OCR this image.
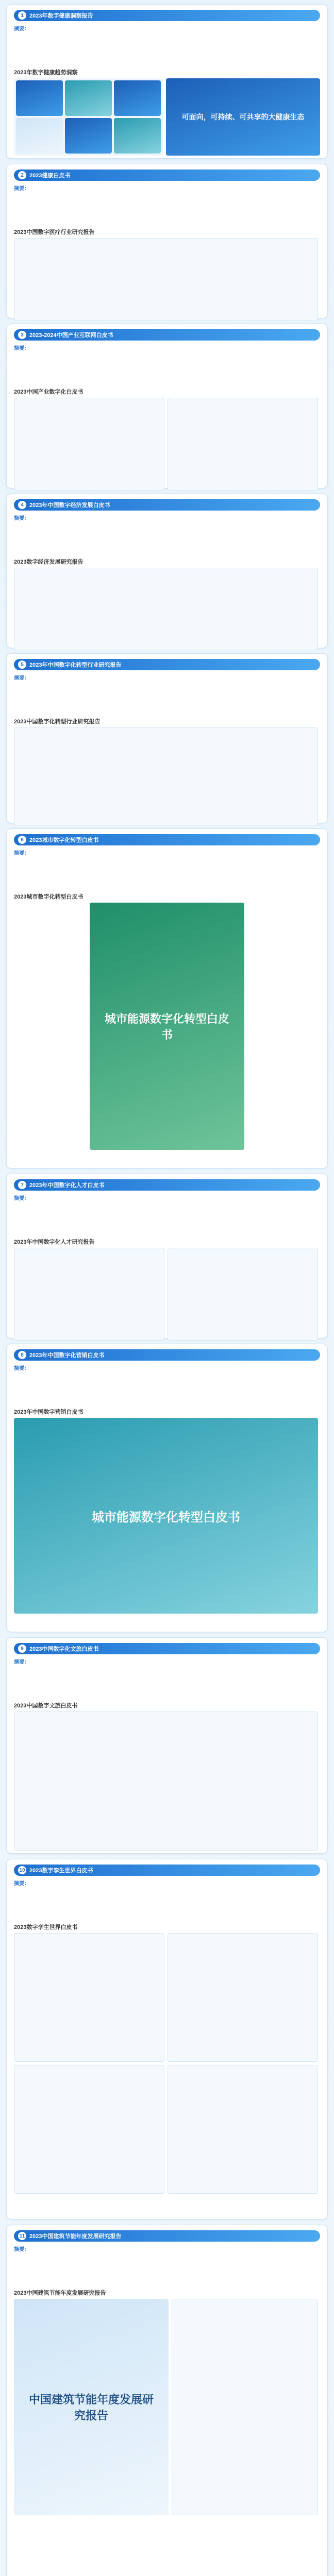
1	2023年数字健康洞察报告
摘要：
2023年数字健康趋势洞察
可面向，可持续、可共享的大健康生态
2	2023健康白皮书
摘要：
2023中国数字医疗行业研究报告
3	2023-2024中国产业互联网白皮书
摘要：
2023中国产业数字化白皮书
4	2023年中国数字经济发展白皮书
摘要：
2023数字经济发展研究报告
5	2023年中国数字化转型行业研究报告
摘要：
2023中国数字化转型行业研究报告
6	2023城市数字化转型白皮书
摘要：
2023城市数字化转型白皮书
城市能源数字化转型白皮书
7	2023年中国数字化人才白皮书
摘要：
2023年中国数字化人才研究报告
8	2023年中国数字化营销白皮书
摘要：
2023年中国数字营销白皮书
城市能源数字化转型白皮书
9	2023中国数字化文旅白皮书
摘要：
2023中国数字文旅白皮书
10 2023数字孪生世界白皮书
摘要：
2023数字孪生世界白皮书
11 2023中国建筑节能年度发展研究报告
摘要：
2023中国建筑节能年度发展研究报告
中国建筑节能年度发展研究报告
